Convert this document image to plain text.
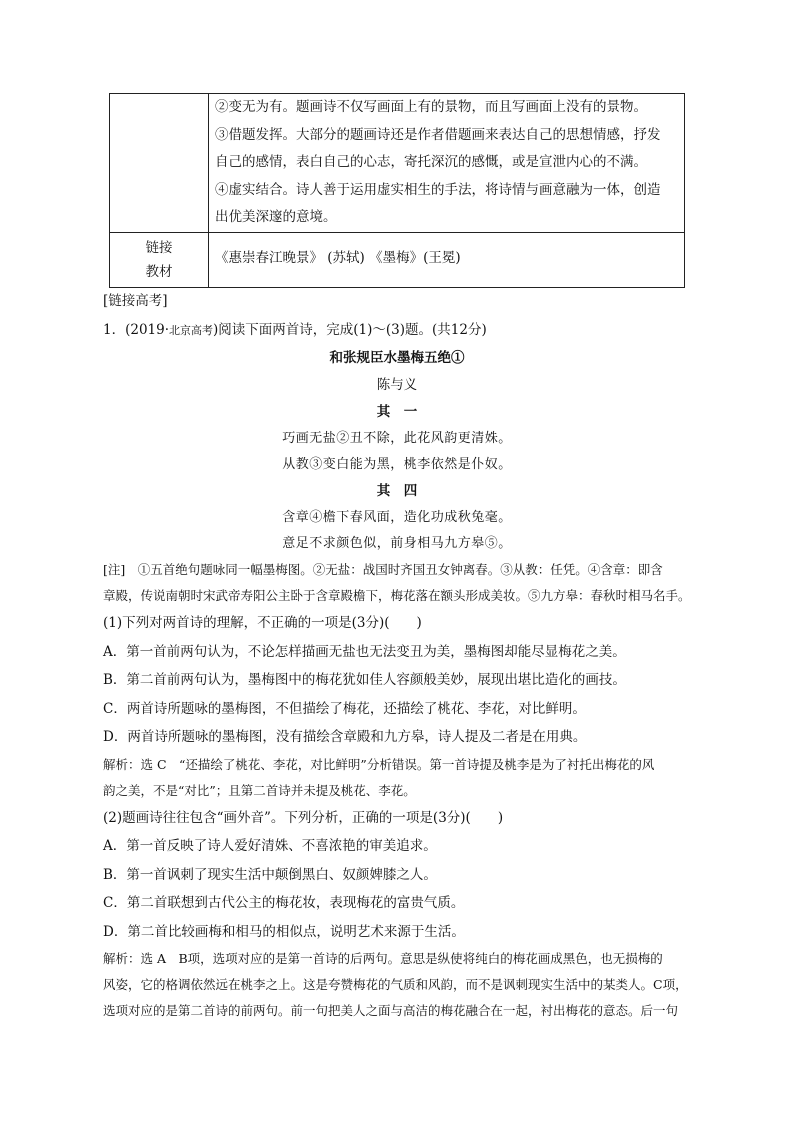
	②变无为有。题画诗不仅写画面上有的景物，而且写画面上没有的景物。
③借题发挥。大部分的题画诗还是作者借题画来表达自己的思想情感，抒发
自己的感情，表白自己的心志，寄托深沉的感慨，或是宣泄内心的不满。
④虚实结合。诗人善于运用虚实相生的手法，将诗情与画意融为一体，创造
出优美深邃的意境。

链接
教材	《惠崇春江晚景》 (苏轼) 《墨梅》(王冕)
[链接高考]
1．(2019·北京高考)阅读下面两首诗，完成(1)～(3)题。(共12分)
和张规臣水墨梅五绝①
陈与义
其　一
巧画无盐②丑不除，此花风韵更清姝。
从教③变白能为黑，桃李依然是仆奴。
其　四
含章④檐下春风面，造化功成秋兔毫。
意足不求颜色似，前身相马九方皋⑤。
[注]　 ①五首绝句题咏同一幅墨梅图。②无盐：战国时齐国丑女钟离春。③从教：任凭。④含章：即含
章殿，传说南朝时宋武帝寿阳公主卧于含章殿檐下，梅花落在额头形成美妆。⑤九方皋：春秋时相马名手。
(1)下列对两首诗的理解，不正确的一项是(3分)(　　)
A．第一首前两句认为，不论怎样描画无盐也无法变丑为美，墨梅图却能尽显梅花之美。
B．第二首前两句认为，墨梅图中的梅花犹如佳人容颜般美妙，展现出堪比造化的画技。
C．两首诗所题咏的墨梅图，不但描绘了梅花，还描绘了桃花、李花，对比鲜明。
D．两首诗所题咏的墨梅图，没有描绘含章殿和九方皋，诗人提及二者是在用典。
解析：选 C　“还描绘了桃花、李花，对比鲜明”分析错误。第一首诗提及桃李是为了衬托出梅花的风
韵之美，不是“对比”；且第二首诗并未提及桃花、李花。
(2)题画诗往往包含“画外音”。下列分析，正确的一项是(3分)(　　)
A．第一首反映了诗人爱好清姝、不喜浓艳的审美追求。
B．第一首讽刺了现实生活中颠倒黑白、奴颜婢膝之人。
C．第二首联想到古代公主的梅花妆，表现梅花的富贵气质。
D．第二首比较画梅和相马的相似点，说明艺术来源于生活。
解析：选 A　B项，选项对应的是第一首诗的后两句。意思是纵使将纯白的梅花画成黑色，也无损梅的
风姿，它的格调依然远在桃李之上。这是夸赞梅花的气质和风韵，而不是讽刺现实生活中的某类人。C项，
选项对应的是第二首诗的前两句。前一句把美人之面与高洁的梅花融合在一起，衬出梅花的意态。后一句
